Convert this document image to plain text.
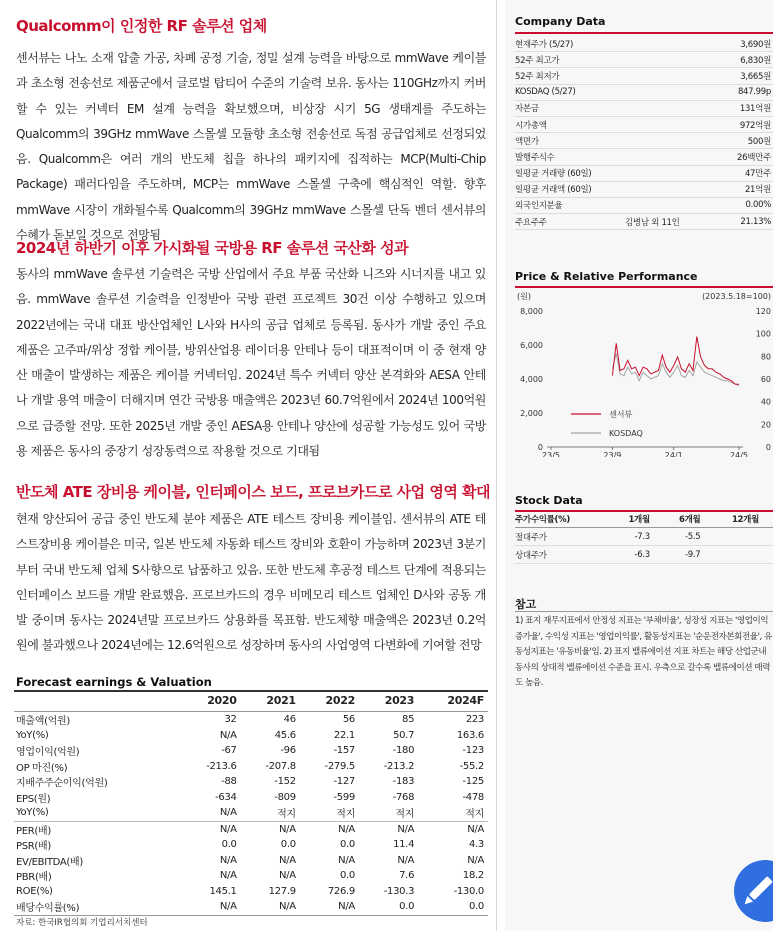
Qualcomm이 인정한 RF 솔루션 업체
센서뷰는 나노 소재 압출 가공, 차폐 공정 기술, 정밀 설계 능력을 바탕으로 mmWave 케이블과 초소형 전송선로 제품군에서 글로벌 탑티어 수준의 기술력 보유. 동사는 110GHz까지 커버할 수 있는 커넥터 EM 설계 능력을 확보했으며, 비상장 시기 5G 생태계를 주도하는 Qualcomm의 39GHz mmWave 스몰셀 모듈향 초소형 전송선로 독점 공급업체로 선정되었음. Qualcomm은 여러 개의 반도체 칩을 하나의 패키지에 집적하는 MCP(Multi-Chip Package) 패러다임을 주도하며, MCP는 mmWave 스몰셀 구축에 핵심적인 역할. 향후 mmWave 시장이 개화될수록 Qualcomm의 39GHz mmWave 스몰셀 단독 벤더 센서뷰의 수혜가 돋보일 것으로 전망됨
2024년 하반기 이후 가시화될 국방용 RF 솔루션 국산화 성과
동사의 mmWave 솔루션 기술력은 국방 산업에서 주요 부품 국산화 니즈와 시너지를 내고 있음. mmWave 솔루션 기술력을 인정받아 국방 관련 프로젝트 30건 이상 수행하고 있으며 2022년에는 국내 대표 방산업체인 L사와 H사의 공급 업체로 등록됨. 동사가 개발 중인 주요 제품은 고주파/위상 정합 케이블, 방위산업용 레이더용 안테나 등이 대표적이며 이 중 현재 양산 매출이 발생하는 제품은 케이블 커넥터임. 2024년 특수 커넥터 양산 본격화와 AESA 안테나 개발 용역 매출이 더해지며 연간 국방용 매출액은 2023년 60.7억원에서 2024년 100억원으로 급증할 전망. 또한 2025년 개발 중인 AESA용 안테나 양산에 성공할 가능성도 있어 국방용 제품은 동사의 중장기 성장동력으로 작용할 것으로 기대됨
반도체 ATE 장비용 케이블, 인터페이스 보드, 프로브카드로 사업 영역 확대
현재 양산되어 공급 중인 반도체 분야 제품은 ATE 테스트 장비용 케이블임. 센서뷰의 ATE 테스트장비용 케이블은 미국, 일본 반도체 자동화 테스트 장비와 호환이 가능하며 2023년 3분기부터 국내 반도체 업체 S사향으로 납품하고 있음. 또한 반도체 후공정 테스트 단계에 적용되는 인터페이스 보드를 개발 완료했음. 프로브카드의 경우 비메모리 테스트 업체인 D사와 공동 개발 중이며 동사는 2024년말 프로브카드 상용화를 목표함. 반도체향 매출액은 2023년 0.2억원에 불과했으나 2024년에는 12.6억원으로 성장하며 동사의 사업영역 다변화에 기여할 전망
Forecast earnings & Valuation
	2020	2021	2022	2023	2024F
매출액(억원)	32	46	56	85	223
YoY(%)	N/A	45.6	22.1	50.7	163.6
영업이익(억원)	-67	-96	-157	-180	-123
OP 마진(%)	-213.6	-207.8	-279.5	-213.2	-55.2
지배주주순이익(억원)	-88	-152	-127	-183	-125
EPS(원)	-634	-809	-599	-768	-478
YoY(%)	N/A	적지	적지	적지	적지
PER(배)	N/A	N/A	N/A	N/A	N/A
PSR(배)	0.0	0.0	0.0	11.4	4.3
EV/EBITDA(배)	N/A	N/A	N/A	N/A	N/A
PBR(배)	N/A	N/A	0.0	7.6	18.2
ROE(%)	145.1	127.9	726.9	-130.3	-130.0
배당수익률(%)	N/A	N/A	N/A	0.0	0.0
자료: 한국IR협의회 기업리서치센터
Company Data
현재주가 (5/27)		3,690원
52주 최고가		6,830원
52주 최저가		3,665원
KOSDAQ (5/27)		847.99p
자본금		131억원
시가총액		972억원
액면가		500원
발행주식수		26백만주
일평균 거래량 (60일)		47만주
일평균 거래액 (60일)		21억원
외국인지분율		0.00%
주요주주	김병남 외 11인	21.13%
Price & Relative Performance
(원)	(2023.5.18=100)
0
2,000
4,000
6,000
8,000
0
20
40
60
80
100
120
23/5	23/9	24/1	24/5
센서뷰
KOSDAQ
Stock Data
주가수익률(%)	1개월	6개월	12개월
절대주가	-7.3	-5.5	
상대주가	-6.3	-9.7	
참고
1) 표지 재무지표에서 안정성 지표는 '부채비율', 성장성 지표는 '영업이익 증가율', 수익성 지표는 '영업이익률', 활동성지표는 '순운전자본회전율', 유동성지표는 '유동비율'임. 2) 표지 밸류에이션 지표 차트는 해당 산업군내 동사의 상대적 밸류에이션 수준을 표시. 우측으로 갈수록 밸류에이션 매력도 높음.
